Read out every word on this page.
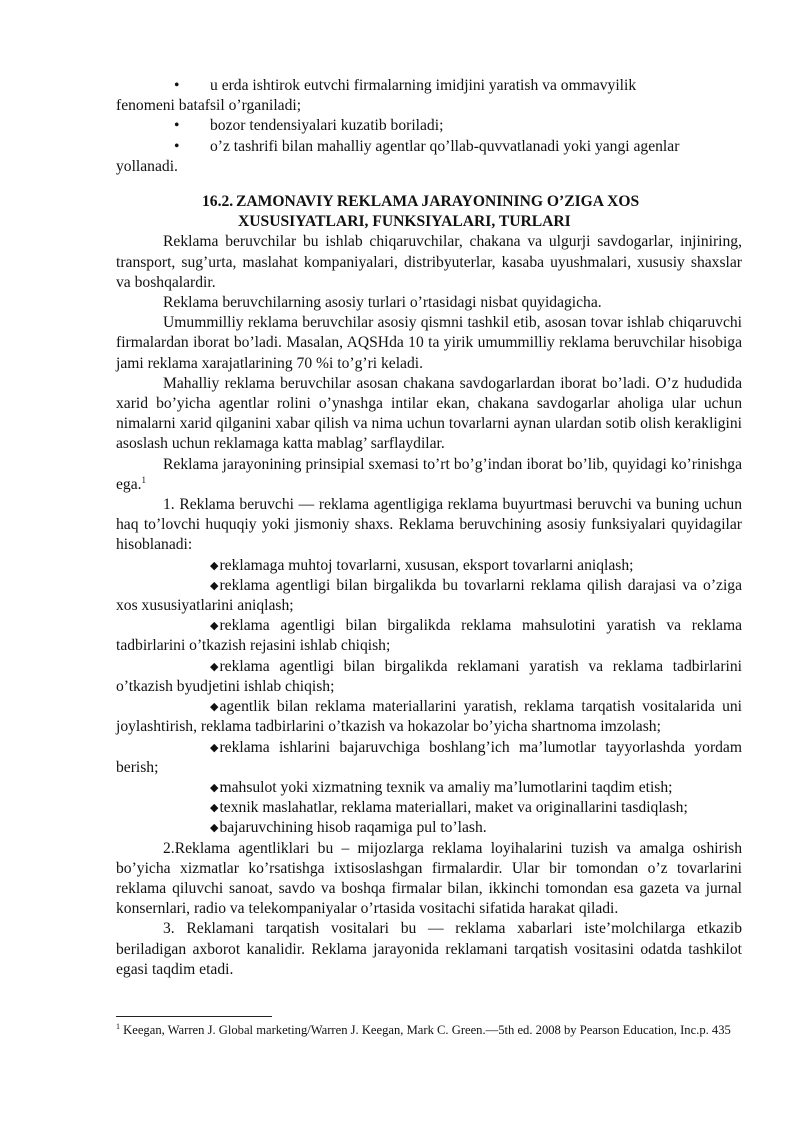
• u erda ishtirok eutvchi firmalarning imidjini yaratish va ommavyilik

fenomeni batafsil o’rganiladi;

• bozor tendensiyalari kuzatib boriladi;

• o’z tashrifi bilan mahalliy agentlar qo’llab-quvvatlanadi yoki yangi agenlar

yollanadi.

16.2. ZAMONAVIY REKLAMA JARAYONINING O’ZIGA XOS
XUSUSIYATLARI, FUNKSIYALARI, TURLARI

Reklama beruvchilar bu ishlab chiqaruvchilar, chakana va ulgurji savdogarlar, injiniring, transport, sug’urta, maslahat kompaniyalari, distribyuterlar, kasaba uyushmalari, xususiy shaxslar va boshqalardir.

Reklama beruvchilarning asosiy turlari o’rtasidagi nisbat quyidagicha.

Umummilliy reklama beruvchilar asosiy qismni tashkil etib, asosan tovar ishlab chiqaruvchi firmalardan iborat bo’ladi. Masalan, AQSHda 10 ta yirik umummilliy reklama beruvchilar hisobiga jami reklama xarajatlarining 70 %i to’g’ri keladi.

Mahalliy reklama beruvchilar asosan chakana savdogarlardan iborat bo’ladi. O’z hududida xarid bo’yicha agentlar rolini o’ynashga intilar ekan, chakana savdogarlar aholiga ular uchun nimalarni xarid qilganini xabar qilish va nima uchun tovarlarni aynan ulardan sotib olish kerakligini asoslash uchun reklamaga katta mablag’ sarflaydilar.

Reklama jarayonining prinsipial sxemasi to’rt bo’g’indan iborat bo’lib, quyidagi ko’rinishga ega.$^1$

1. Reklama beruvchi — reklama agentligiga reklama buyurtmasi beruvchi va buning uchun haq to’lovchi huquqiy yoki jismoniy shaxs. Reklama beruvchining asosiy funksiyalari quyidagilar hisoblanadi:

◆reklamaga muhtoj tovarlarni, xususan, eksport tovarlarni aniqlash;

◆reklama agentligi bilan birgalikda bu tovarlarni reklama qilish darajasi va o’ziga xos xususiyatlarini aniqlash;

◆reklama agentligi bilan birgalikda reklama mahsulotini yaratish va reklama tadbirlarini o’tkazish rejasini ishlab chiqish;

◆reklama agentligi bilan birgalikda reklamani yaratish va reklama tadbirlarini o’tkazish byudjetini ishlab chiqish;

◆agentlik bilan reklama materiallarini yaratish, reklama tarqatish vositalarida uni joylashtirish, reklama tadbirlarini o’tkazish va hokazolar bo’yicha shartnoma imzolash;

◆reklama ishlarini bajaruvchiga boshlang’ich ma’lumotlar tayyorlashda yordam berish;

◆mahsulot yoki xizmatning texnik va amaliy ma’lumotlarini taqdim etish;

◆texnik maslahatlar, reklama materiallari, maket va originallarini tasdiqlash;

◆bajaruvchining hisob raqamiga pul to’lash.

2.Reklama agentliklari bu – mijozlarga reklama loyihalarini tuzish va amalga oshirish bo’yicha xizmatlar ko’rsatishga ixtisoslashgan firmalardir. Ular bir tomondan o’z tovarlarini reklama qiluvchi sanoat, savdo va boshqa firmalar bilan, ikkinchi tomondan esa gazeta va jurnal konsernlari, radio va telekompaniyalar o’rtasida vositachi sifatida harakat qiladi.

3. Reklamani tarqatish vositalari bu — reklama xabarlari iste’molchilarga etkazib beriladigan axborot kanalidir. Reklama jarayonida reklamani tarqatish vositasini odatda tashkilot egasi taqdim etadi.

$^1$ Keegan, Warren J. Global marketing/Warren J. Keegan, Mark C. Green.—5th ed. 2008 by Pearson Education, Inc.p. 435
